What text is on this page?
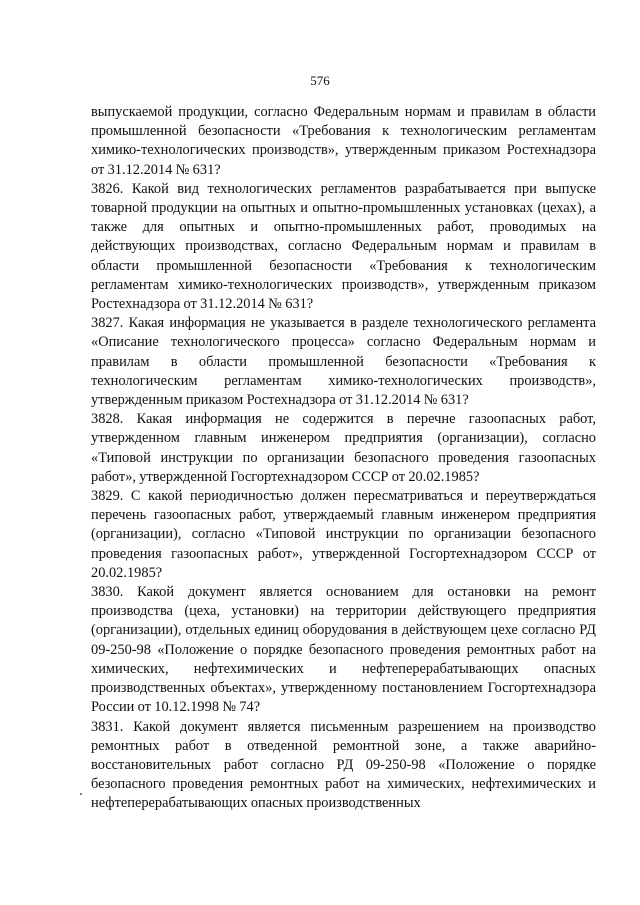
576

выпускаемой продукции, согласно Федеральным нормам и правилам в области промышленной безопасности «Требования к технологическим регламентам химико-технологических производств», утвержденным приказом Ростехнадзора от 31.12.2014 № 631?

3826. Какой вид технологических регламентов разрабатывается при выпуске товарной продукции на опытных и опытно-промышленных установках (цехах), а также для опытных и опытно-промышленных работ, проводимых на действующих производствах, согласно Федеральным нормам и правилам в области промышленной безопасности «Требования к технологическим регламентам химико-технологических производств», утвержденным приказом Ростехнадзора от 31.12.2014 № 631?

3827. Какая информация не указывается в разделе технологического регламента «Описание технологического процесса» согласно Федеральным нормам и правилам в области промышленной безопасности «Требования к технологическим регламентам химико-технологических производств», утвержденным приказом Ростехнадзора от 31.12.2014 № 631?

3828. Какая информация не содержится в перечне газоопасных работ, утвержденном главным инженером предприятия (организации), согласно «Типовой инструкции по организации безопасного проведения газоопасных работ», утвержденной Госгортехнадзором СССР от 20.02.1985?

3829. С какой периодичностью должен пересматриваться и переутверждаться перечень газоопасных работ, утверждаемый главным инженером предприятия (организации), согласно «Типовой инструкции по организации безопасного проведения газоопасных работ», утвержденной Госгортехнадзором СССР от 20.02.1985?

3830. Какой документ является основанием для остановки на ремонт производства (цеха, установки) на территории действующего предприятия (организации), отдельных единиц оборудования в действующем цехе согласно РД 09-250-98 «Положение о порядке безопасного проведения ремонтных работ на химических, нефтехимических и нефтеперерабатывающих опасных производственных объектах», утвержденному постановлением Госгортехнадзора России от 10.12.1998 № 74?

3831. Какой документ является письменным разрешением на производство ремонтных работ в отведенной ремонтной зоне, а также аварийно-восстановительных работ согласно РД 09-250-98 «Положение о порядке безопасного проведения ремонтных работ на химических, нефтехимических и нефтеперерабатывающих опасных производственных
